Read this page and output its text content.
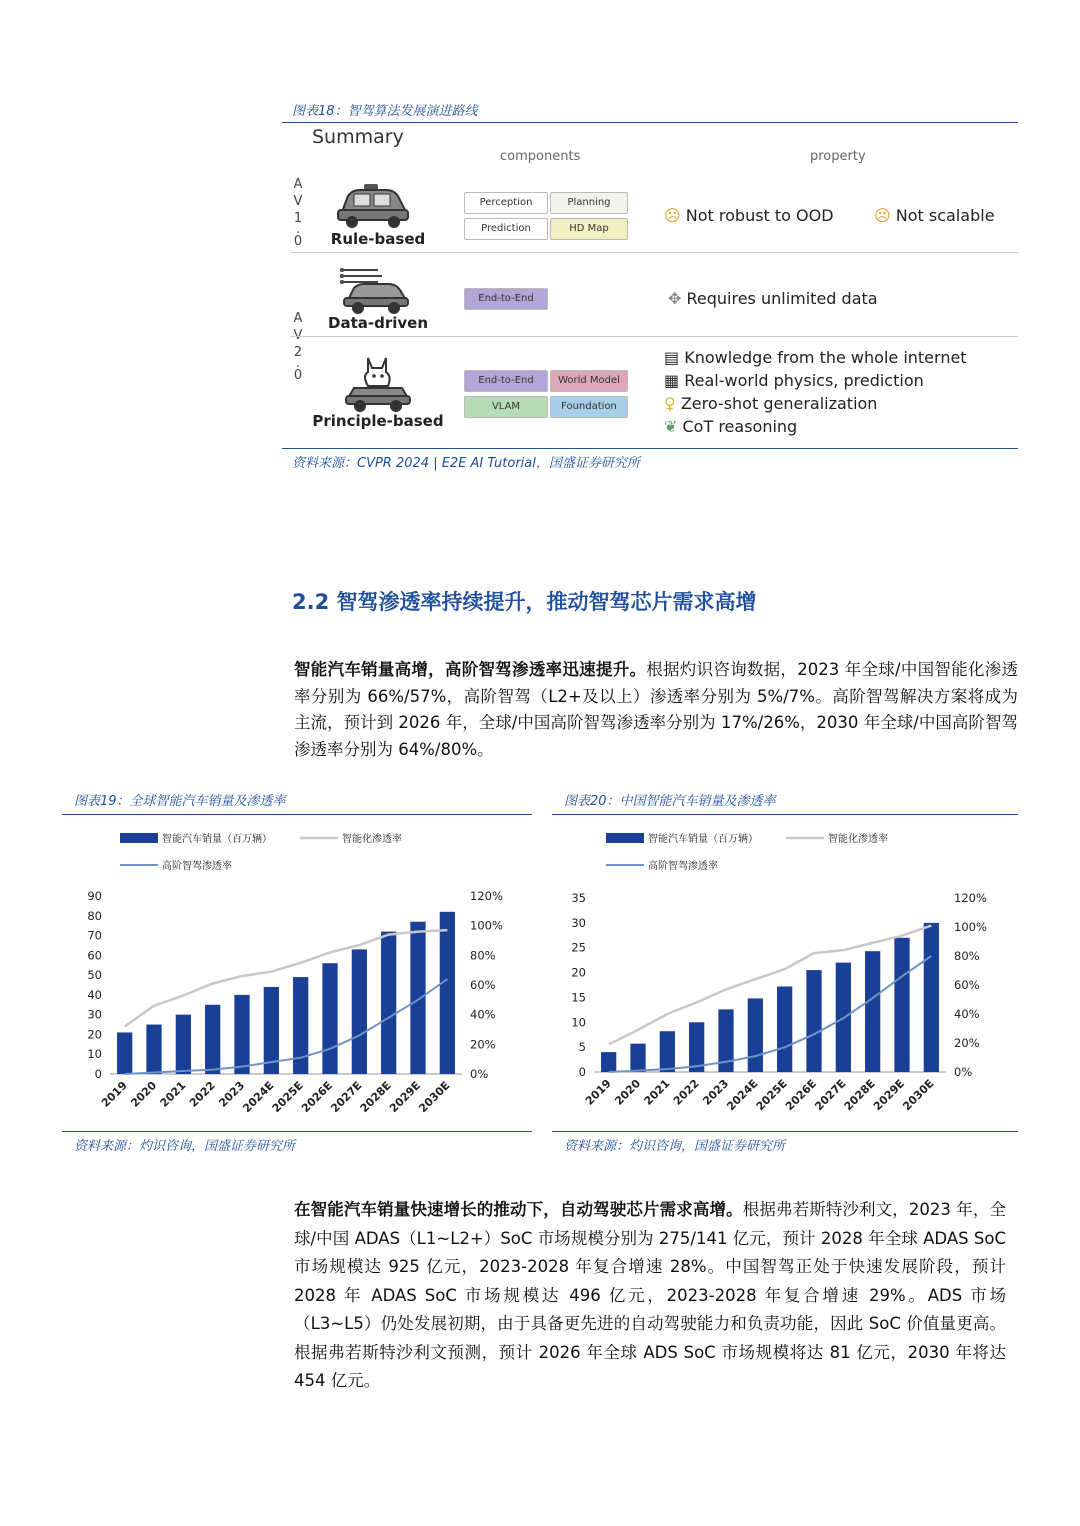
图表18：智驾算法发展演进路线
Summary
components	property
A
V
1
.
0
A
V
2
.
0
Rule-based
Perception	Planning
Prediction	HD Map
☹ Not robust to OOD	☹ Not scalable
Data-driven
End-to-End	✥ Requires unlimited data
Principle-based
End-to-End	World Model
VLAM	Foundation
▤ Knowledge from the whole internet
▦ Real-world physics, prediction
♀ Zero-shot generalization
❦ CoT reasoning
资料来源：CVPR 2024 | E2E AI Tutorial，国盛证券研究所
2.2 智驾渗透率持续提升，推动智驾芯片需求高增
智能汽车销量高增，高阶智驾渗透率迅速提升。根据灼识咨询数据，2023 年全球/中国智能化渗透率分别为 66%/57%，高阶智驾（L2+及以上）渗透率分别为 5%/7%。高阶智驾解决方案将成为主流，预计到 2026 年，全球/中国高阶智驾渗透率分别为 17%/26%，2030 年全球/中国高阶智驾渗透率分别为 64%/80%。
图表19：全球智能汽车销量及渗透率
智能汽车销量（百万辆）	智能化渗透率
高阶智驾渗透率
0
10
20
30
40
50
60
70
80
90
0%
20%
40%
60%
80%
100%
120%
2019
2020
2021
2022
2023
2024E
2025E
2026E
2027E
2028E
2029E
2030E
资料来源：灼识咨询，国盛证券研究所
图表20：中国智能汽车销量及渗透率
智能汽车销量（百万辆）	智能化渗透率
高阶智驾渗透率
0
5
10
15
20
25
30
35
0%
20%
40%
60%
80%
100%
120%
2019
2020
2021
2022
2023
2024E
2025E
2026E
2027E
2028E
2029E
2030E
资料来源：灼识咨询，国盛证券研究所
在智能汽车销量快速增长的推动下，自动驾驶芯片需求高增。根据弗若斯特沙利文，2023 年，全球/中国 ADAS（L1~L2+）SoC 市场规模分别为 275/141 亿元，预计 2028 年全球 ADAS SoC 市场规模达 925 亿元，2023-2028 年复合增速 28%。中国智驾正处于快速发展阶段，预计 2028 年 ADAS SoC 市场规模达 496 亿元，2023-2028 年复合增速 29%。ADS 市场（L3~L5）仍处发展初期，由于具备更先进的自动驾驶能力和负责功能，因此 SoC 价值量更高。根据弗若斯特沙利文预测，预计 2026 年全球 ADS SoC 市场规模将达 81 亿元，2030 年将达 454 亿元。
